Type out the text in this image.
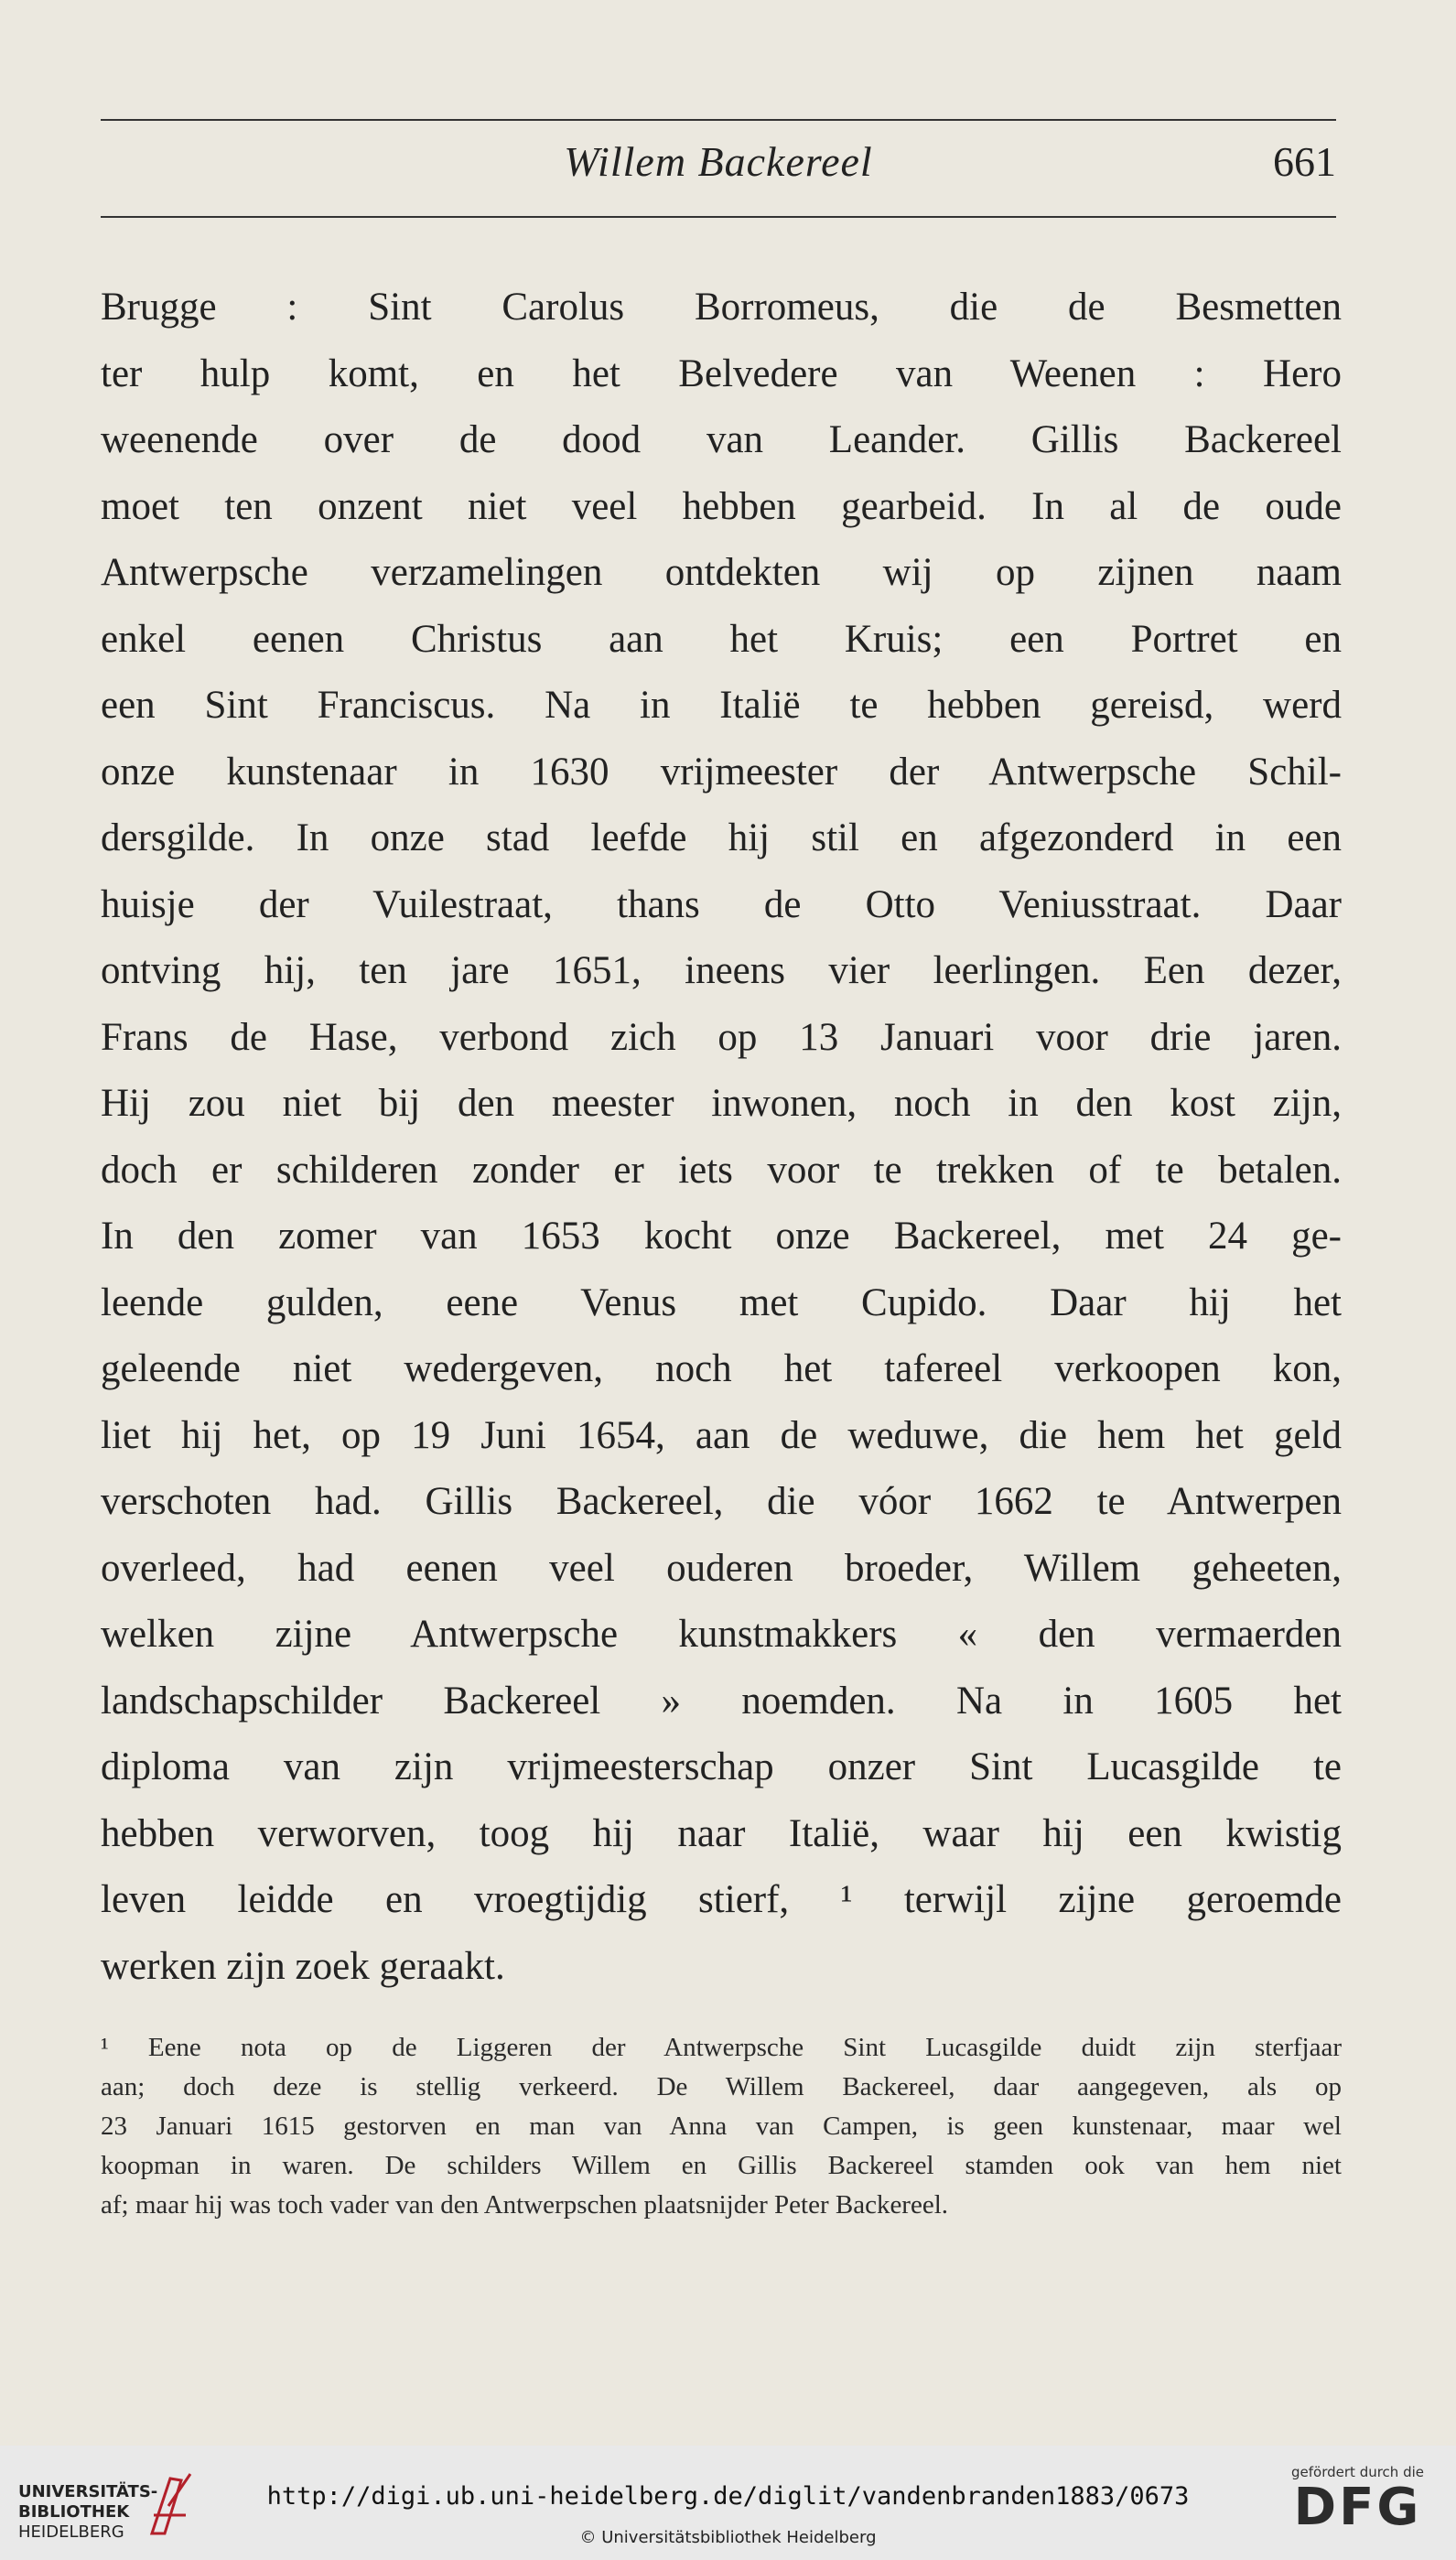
Willem Backereel	661
Brugge : Sint Carolus Borromeus, die de Besmetten
ter hulp komt, en het Belvedere van Weenen : Hero
weenende over de dood van Leander. Gillis Backereel
moet ten onzent niet veel hebben gearbeid. In al de oude
Antwerpsche verzamelingen ontdekten wij op zijnen naam
enkel eenen Christus aan het Kruis; een Portret en
een Sint Franciscus. Na in Italië te hebben gereisd, werd
onze kunstenaar in 1630 vrijmeester der Antwerpsche Schil-
dersgilde. In onze stad leefde hij stil en afgezonderd in een
huisje der Vuilestraat, thans de Otto Veniusstraat. Daar
ontving hij, ten jare 1651, ineens vier leerlingen. Een dezer,
Frans de Hase, verbond zich op 13 Januari voor drie jaren.
Hij zou niet bij den meester inwonen, noch in den kost zijn,
doch er schilderen zonder er iets voor te trekken of te betalen.
In den zomer van 1653 kocht onze Backereel, met 24 ge-
leende gulden, eene Venus met Cupido. Daar hij het
geleende niet wedergeven, noch het tafereel verkoopen kon,
liet hij het, op 19 Juni 1654, aan de weduwe, die hem het geld
verschoten had. Gillis Backereel, die vóor 1662 te Antwerpen
overleed, had eenen veel ouderen broeder, Willem geheeten,
welken zijne Antwerpsche kunstmakkers « den vermaerden
landschapschilder Backereel » noemden. Na in 1605 het
diploma van zijn vrijmeesterschap onzer Sint Lucasgilde te
hebben verworven, toog hij naar Italië, waar hij een kwistig
leven leidde en vroegtijdig stierf, ¹ terwijl zijne geroemde
werken zijn zoek geraakt.
¹ Eene nota op de Liggeren der Antwerpsche Sint Lucasgilde duidt zijn sterfjaar
aan; doch deze is stellig verkeerd. De Willem Backereel, daar aangegeven, als op
23 Januari 1615 gestorven en man van Anna van Campen, is geen kunstenaar, maar wel
koopman in waren. De schilders Willem en Gillis Backereel stamden ook van hem niet
af; maar hij was toch vader van den Antwerpschen plaatsnijder Peter Backereel.
UNIVERSITÄTS-
BIBLIOTHEK
HEIDELBERG
http://digi.ub.uni-heidelberg.de/diglit/vandenbranden1883/0673
© Universitätsbibliothek Heidelberg
gefördert durch die
DFG
